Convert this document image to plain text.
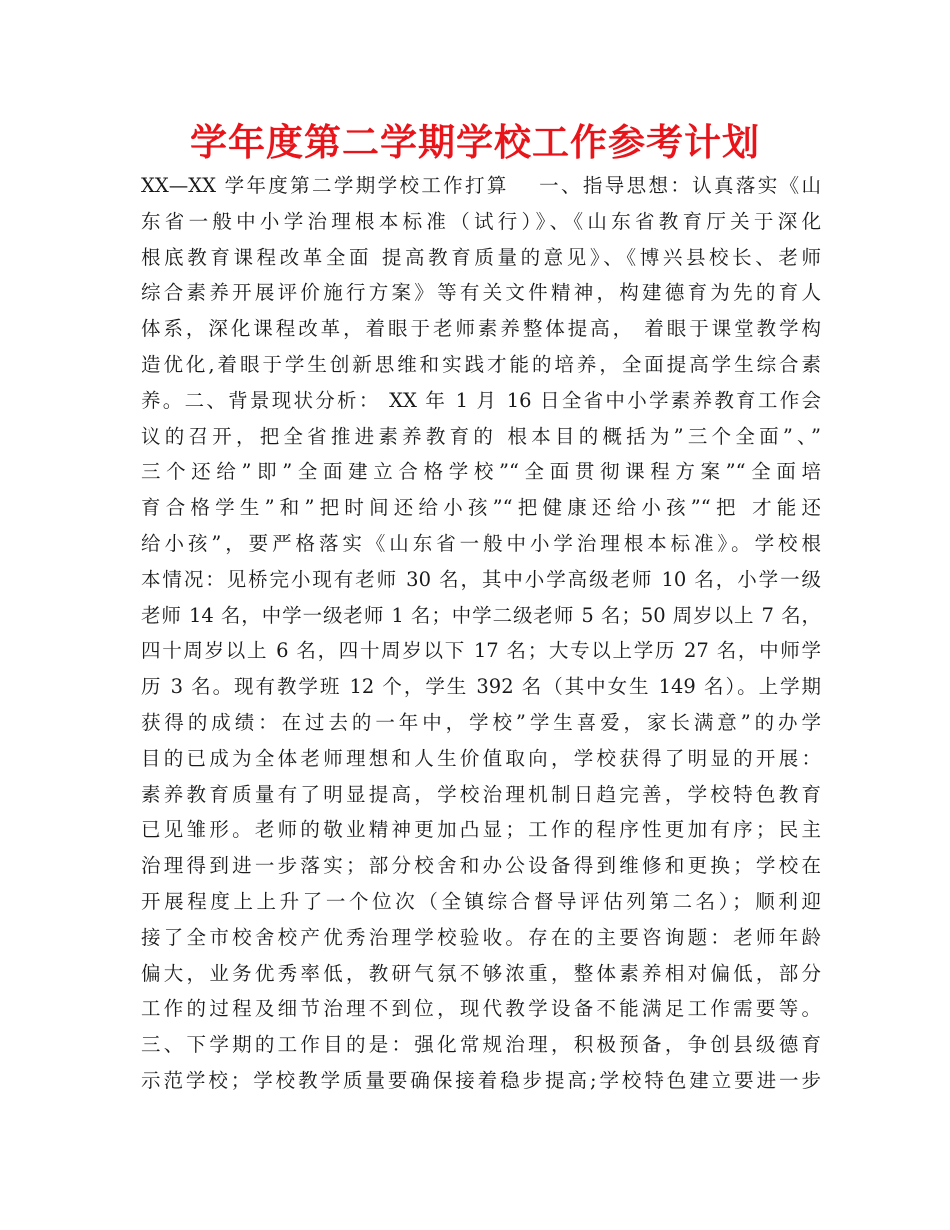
学年度第二学期学校工作参考计划
XX—XX 学年度第二学期学校工作打算　 一、指导思想：认真落实《山
东省一般中小学治理根本标准（试行）》、《山东省教育厅关于深化
根底教育课程改革全面 提高教育质量的意见》、《博兴县校长、老师
综合素养开展评价施行方案》等有关文件精神，构建德育为先的育人
体系，深化课程改革，着眼于老师素养整体提高， 着眼于课堂教学构
造优化,着眼于学生创新思维和实践才能的培养，全面提高学生综合素
养。二、背景现状分析： XX 年 1 月 16 日全省中小学素养教育工作会
议的召开，把全省推进素养教育的 根本目的概括为”三个全面”、”
三个还给”即”全面建立合格学校”“全面贯彻课程方案”“全面培
育合格学生”和”把时间还给小孩”“把健康还给小孩”“把 才能还
给小孩”，要严格落实《山东省一般中小学治理根本标准》。学校根
本情况：见桥完小现有老师 30 名，其中小学高级老师 10 名，小学一级
老师 14 名，中学一级老师 1 名；中学二级老师 5 名；50 周岁以上 7 名，
四十周岁以上 6 名，四十周岁以下 17 名；大专以上学历 27 名，中师学
历 3 名。现有教学班 12 个，学生 392 名（其中女生 149 名）。上学期
获得的成绩：在过去的一年中，学校”学生喜爱，家长满意”的办学
目的已成为全体老师理想和人生价值取向，学校获得了明显的开展：
素养教育质量有了明显提高，学校治理机制日趋完善，学校特色教育
已见雏形。老师的敬业精神更加凸显；工作的程序性更加有序；民主
治理得到进一步落实；部分校舍和办公设备得到维修和更换；学校在
开展程度上上升了一个位次（全镇综合督导评估列第二名）；顺利迎
接了全市校舍校产优秀治理学校验收。存在的主要咨询题：老师年龄
偏大，业务优秀率低，教研气氛不够浓重，整体素养相对偏低，部分
工作的过程及细节治理不到位，现代教学设备不能满足工作需要等。
三、下学期的工作目的是：强化常规治理，积极预备，争创县级德育
示范学校；学校教学质量要确保接着稳步提高;学校特色建立要进一步
